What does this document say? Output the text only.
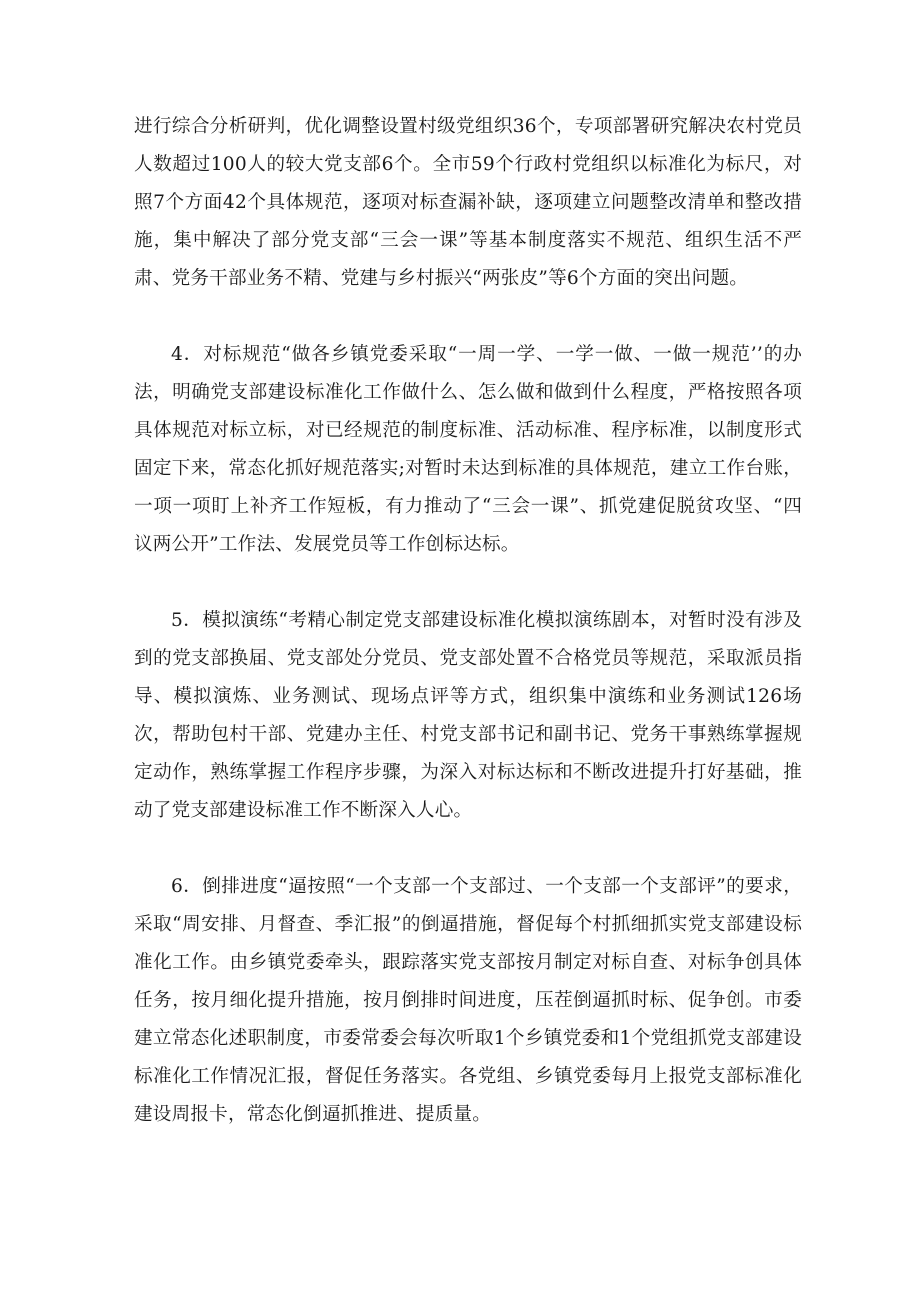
进行综合分析研判，优化调整设置村级党组织36个，专项部署研究解决农村党员人数超过100人的较大党支部6个。全市59个行政村党组织以标准化为标尺，对照7个方面42个具体规范，逐项对标查漏补缺，逐项建立问题整改清单和整改措施，集中解决了部分党支部“三会一课”等基本制度落实不规范、组织生活不严肃、党务干部业务不精、党建与乡村振兴“两张皮”等6个方面的突出问题。

4．对标规范“做各乡镇党委采取“一周一学、一学一做、一做一规范’’的办法，明确党支部建设标准化工作做什么、怎么做和做到什么程度，严格按照各项具体规范对标立标，对已经规范的制度标准、活动标准、程序标准，以制度形式固定下来，常态化抓好规范落实;对暂时未达到标准的具体规范，建立工作台账，一项一项盯上补齐工作短板，有力推动了“三会一课”、抓党建促脱贫攻坚、“四议两公开”工作法、发展党员等工作创标达标。

5．模拟演练“考精心制定党支部建设标准化模拟演练剧本，对暂时没有涉及到的党支部换届、党支部处分党员、党支部处置不合格党员等规范，采取派员指导、模拟演炼、业务测试、现场点评等方式，组织集中演练和业务测试126场次，帮助包村干部、党建办主任、村党支部书记和副书记、党务干事熟练掌握规定动作，熟练掌握工作程序步骤，为深入对标达标和不断改进提升打好基础，推动了党支部建设标准工作不断深入人心。

6．倒排进度“逼按照“一个支部一个支部过、一个支部一个支部评”的要求，采取“周安排、月督查、季汇报”的倒逼措施，督促每个村抓细抓实党支部建设标准化工作。由乡镇党委牵头，跟踪落实党支部按月制定对标自查、对标争创具体任务，按月细化提升措施，按月倒排时间进度，压茬倒逼抓时标、促争创。市委建立常态化述职制度，市委常委会每次听取1个乡镇党委和1个党组抓党支部建设标准化工作情况汇报，督促任务落实。各党组、乡镇党委每月上报党支部标准化建设周报卡，常态化倒逼抓推进、提质量。
